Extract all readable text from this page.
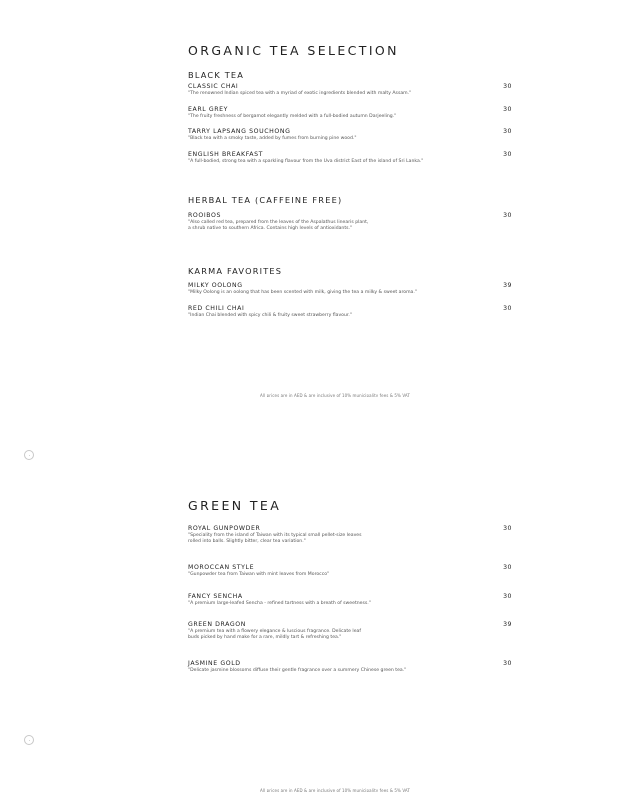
ORGANIC TEA SELECTION
BLACK TEA
CLASSIC CHAI	30
"The renowned Indian spiced tea with a myriad of exotic ingredients blended with malty Assam."
EARL GREY	30
"The fruity freshness of bergamot elegantly melded with a full-bodied autumn Darjeeling."
TARRY LAPSANG SOUCHONG	30
"Black tea with a smoky taste, added by fumes from burning pine wood."
ENGLISH BREAKFAST	30
"A full-bodied, strong tea with a sparkling flavour from the Uva district East of the island of Sri Lanka."
HERBAL TEA (CAFFEINE FREE)
ROOIBOS	30
"Also called red tea, prepared from the leaves of the Aspalathus linearis plant,
a shrub native to southern Africa. Contains high levels of antioxidants."
KARMA FAVORITES
MILKY OOLONG	39
"Milky Oolong is an oolong that has been scented with milk, giving the tea a milky & sweet aroma."
RED CHILI CHAI	30
"Indian Chai blended with spicy chili & fruity sweet strawberry flavour."
All prices are in AED & are inclusive of 10% municipality fees & 5% VAT
GREEN TEA
ROYAL GUNPOWDER	30
"Speciality from the island of Taiwan with its typical small pellet-size leaves
rolled into balls. Slightly bitter, clear tea variation."
MOROCCAN STYLE	30
"Gunpowder tea from Taiwan with mint leaves from Morocco"
FANCY SENCHA	30
"A premium large-leafed Sencha - refined tartness with a breath of sweetness."
GREEN DRAGON	39
"A premium tea with a flowery elegance & luscious fragrance. Delicate leaf
buds picked by hand make for a rare, mildly tart & refreshing tea."
JASMINE GOLD	30
"Delicate jasmine blossoms diffuse their gentle fragrance over a summery Chinese green tea."
All prices are in AED & are inclusive of 10% municipality fees & 5% VAT
